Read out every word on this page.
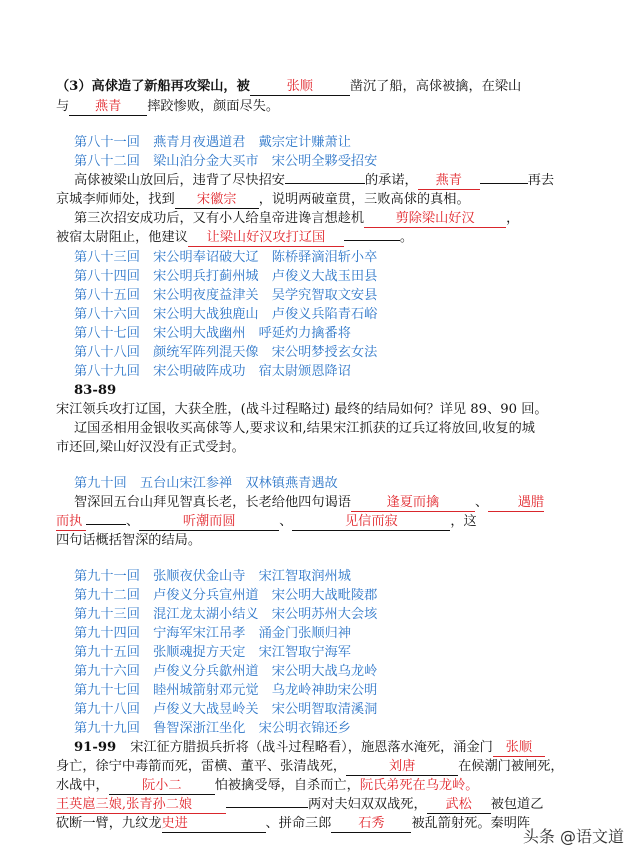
（3）高俅造了新船再攻梁山，被	张顺	凿沉了船，高俅被擒，在梁山
与 燕青 摔跤惨败，颜面尽失。
第八十一回　燕青月夜遇道君　戴宗定计赚萧让
第八十二回　梁山泊分金大买市　宋公明全夥受招安
高俅被梁山放回后，违背了尽快招安	的承诺， 燕青	再去
京城李师师处，找到 宋徽宗 ，说明两破童贯，三败高俅的真相。
第三次招安成功后，又有小人给皇帝进谗言想趁机 剪除梁山好汉 ，
被宿太尉阻止，他建议 让梁山好汉攻打辽国	。
第八十三回　宋公明奉诏破大辽　陈桥驿滴泪斩小卒
第八十四回　宋公明兵打蓟州城　卢俊义大战玉田县
第八十五回　宋公明夜度益津关　吴学究智取文安县
第八十六回　宋公明大战独鹿山　卢俊义兵陷青石峪
第八十七回　宋公明大战幽州　呼延灼力擒番将
第八十八回　颜统军阵列混天像　宋公明梦授玄女法
第八十九回　宋公明破阵成功　宿太尉颁恩降诏
83-89
宋江领兵攻打辽国，大获全胜，(战斗过程略过) 最终的结局如何？详见 89、90 回。
辽国丞相用金银收买高俅等人,要求议和,结果宋江抓获的辽兵辽将放回,收复的城
市还回,梁山好汉没有正式受封。
第九十回　五台山宋江参禅　双林镇燕青遇故
智深回五台山拜见智真长老，长老给他四句谒语	逢夏而擒	、 遇腊
而执	、	听潮而圆	、	见信而寂	，这
四句话概括智深的结局。
第九十一回　张顺夜伏金山寺　宋江智取润州城
第九十二回　卢俊义分兵宣州道　宋公明大战毗陵郡
第九十三回　混江龙太湖小结义　宋公明苏州大会垓
第九十四回　宁海军宋江吊孝　涌金门张顺归神
第九十五回　张顺魂捉方天定　宋江智取宁海军
第九十六回　卢俊义分兵歙州道　宋公明大战乌龙岭
第九十七回　睦州城箭射邓元觉　乌龙岭神助宋公明
第九十八回　卢俊义大战昱岭关　宋公明智取清溪洞
第九十九回　鲁智深浙江坐化　宋公明衣锦还乡
91-99 宋江征方腊损兵折将（战斗过程略看），施恩落水淹死，涌金门 张顺
身亡，徐宁中毒箭而死，雷横、董平、张清战死，	刘唐	在候潮门被闸死，
水战中，	阮小二	怕被擒受辱，自杀而亡，阮氏弟死在乌龙岭。
王英扈三娘,张青孙二娘	两对夫妇双双战死， 武松 被包道乙
砍断一臂，九纹龙史进	、拼命三郎 石秀 被乱箭射死。秦明阵
头条 @语文道
